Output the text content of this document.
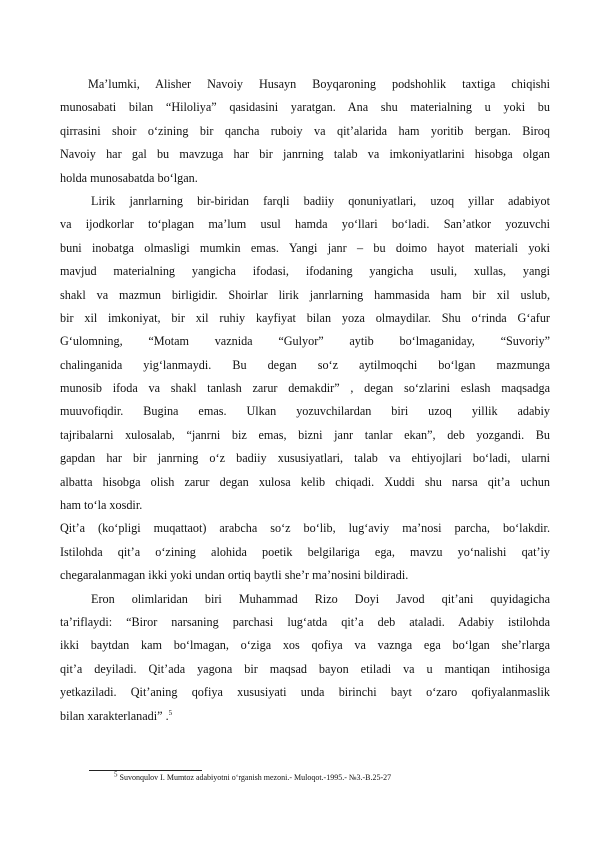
Ma’lumki, Alisher Navoiy Husayn Boyqaroning podshohlik taxtiga chiqishi
munosabati bilan “Hiloliya” qasidasini yaratgan. Ana shu materialning u yoki bu
qirrasini shoir o‘zining bir qancha ruboiy va qit’alarida ham yoritib bergan. Biroq
Navoiy har gal bu mavzuga har bir janrning talab va imkoniyatlarini hisobga olgan
holda munosabatda bo‘lgan.
Lirik janrlarning bir-biridan farqli badiiy qonuniyatlari, uzoq yillar adabiyot
va ijodkorlar to‘plagan ma’lum usul hamda yo‘llari bo‘ladi. San’atkor yozuvchi
buni inobatga olmasligi mumkin emas. Yangi janr – bu doimo hayot materiali yoki
mavjud materialning yangicha ifodasi, ifodaning yangicha usuli, xullas, yangi
shakl va mazmun birligidir. Shoirlar lirik janrlarning hammasida ham bir xil uslub,
bir xil imkoniyat, bir xil ruhiy kayfiyat bilan yoza olmaydilar. Shu o‘rinda G‘afur
G‘ulomning, “Motam vaznida “Gulyor” aytib bo‘lmaganiday, “Suvoriy”
chalinganida yig‘lanmaydi. Bu degan so‘z aytilmoqchi bo‘lgan mazmunga
munosib ifoda va shakl tanlash zarur demakdir” , degan so‘zlarini eslash maqsadga
muuvofiqdir. Bugina emas. Ulkan yozuvchilardan biri uzoq yillik adabiy
tajribalarni xulosalab, “janrni biz emas, bizni janr tanlar ekan”, deb yozgandi. Bu
gapdan har bir janrning o‘z badiiy xususiyatlari, talab va ehtiyojlari bo‘ladi, ularni
albatta hisobga olish zarur degan xulosa kelib chiqadi. Xuddi shu narsa qit’a uchun
ham to‘la xosdir.
Qit’a (ko‘pligi muqattaot) arabcha so‘z bo‘lib, lug‘aviy ma’nosi parcha, bo‘lakdir.
Istilohda qit’a o‘zining alohida poetik belgilariga ega, mavzu yo‘nalishi qat’iy
chegaralanmagan ikki yoki undan ortiq baytli she’r ma’nosini bildiradi.
Eron olimlaridan biri Muhammad Rizo Doyi Javod qit’ani quyidagicha
ta’riflaydi: “Biror narsaning parchasi lug‘atda qit’a deb ataladi. Adabiy istilohda
ikki baytdan kam bo‘lmagan, o‘ziga xos qofiya va vaznga ega bo‘lgan she’rlarga
qit’a deyiladi. Qit’ada yagona bir maqsad bayon etiladi va u mantiqan intihosiga
yetkaziladi. Qit’aning qofiya xususiyati unda birinchi bayt o‘zaro qofiyalanmaslik
bilan xarakterlanadi” .$^5$
$^5$ Suvonqulov I. Mumtoz adabiyotni o‘rganish mezoni.- Muloqot.-1995.- №3.-B.25-27
